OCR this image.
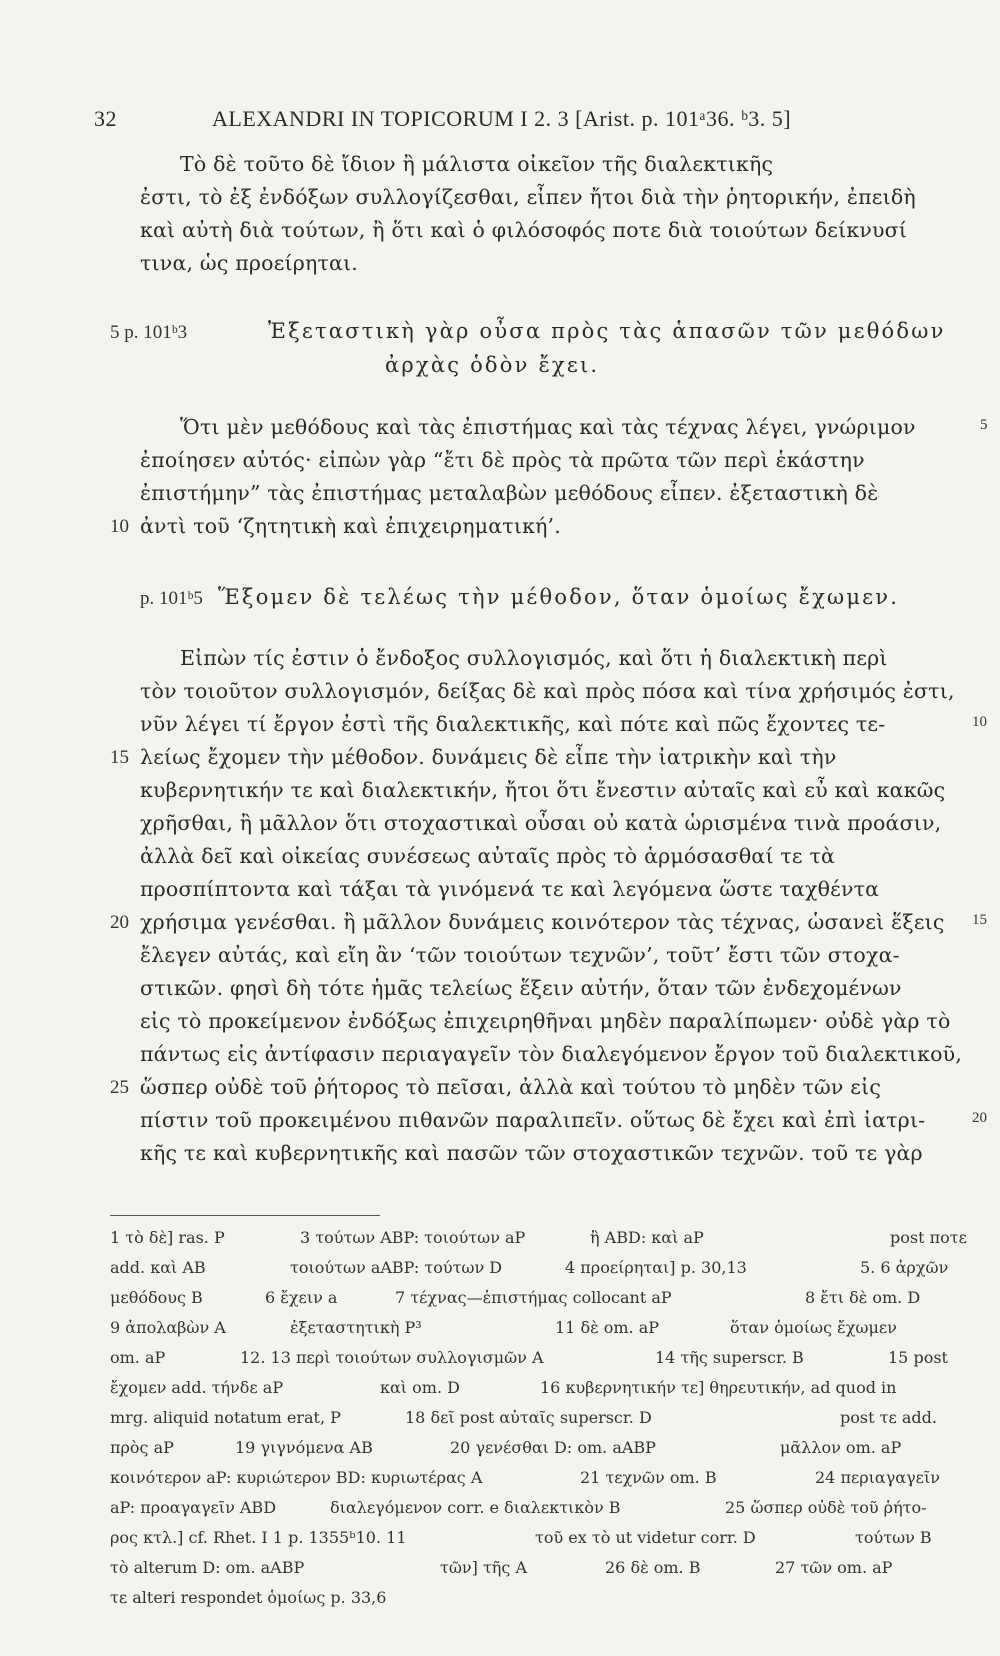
32	ALEXANDRI IN TOPICORUM I 2. 3 [Arist. p. 101ᵃ36. ᵇ3. 5]
Τὸ δὲ τοῦτο δὲ ἴδιον ἢ μάλιστα οἰκεῖον τῆς διαλεκτικῆς
ἐστι, τὸ ἐξ ἐνδόξων συλλογίζεσθαι, εἶπεν ἤτοι διὰ τὴν ῥητορικήν, ἐπειδὴ
καὶ αὐτὴ διὰ τούτων, ἢ ὅτι καὶ ὁ φιλόσοφός ποτε διὰ τοιούτων δείκνυσί
τινα, ὡς προείρηται.
5 p. 101ᵇ3	Ἐξεταστικὴ γὰρ οὖσα πρὸς τὰς ἁπασῶν τῶν μεθόδων
ἀρχὰς ὁδὸν ἔχει.
Ὅτι μὲν μεθόδους καὶ τὰς ἐπιστήμας καὶ τὰς τέχνας λέγει, γνώριμον
ἐποίησεν αὐτός· εἰπὼν γὰρ “ἔτι δὲ πρὸς τὰ πρῶτα τῶν περὶ ἑκάστην
ἐπιστήμην” τὰς ἐπιστήμας μεταλαβὼν μεθόδους εἶπεν. ἐξεταστικὴ δὲ
ἀντὶ τοῦ ‘ζητητικὴ καὶ ἐπιχειρηματική’.
p. 101ᵇ5 Ἕξομεν δὲ τελέως τὴν μέθοδον, ὅταν ὁμοίως ἔχωμεν.
Εἰπὼν τίς ἐστιν ὁ ἔνδοξος συλλογισμός, καὶ ὅτι ἡ διαλεκτικὴ περὶ
τὸν τοιοῦτον συλλογισμόν, δείξας δὲ καὶ πρὸς πόσα καὶ τίνα χρήσιμός ἐστι,
νῦν λέγει τί ἔργον ἐστὶ τῆς διαλεκτικῆς, καὶ πότε καὶ πῶς ἔχοντες τε-
λείως ἔχομεν τὴν μέθοδον. δυνάμεις δὲ εἶπε τὴν ἰατρικὴν καὶ τὴν
κυβερνητικήν τε καὶ διαλεκτικήν, ἤτοι ὅτι ἔνεστιν αὐταῖς καὶ εὖ καὶ κακῶς
χρῆσθαι, ἢ μᾶλλον ὅτι στοχαστικαὶ οὖσαι οὐ κατὰ ὡρισμένα τινὰ προάσιν,
ἀλλὰ δεῖ καὶ οἰκείας συνέσεως αὐταῖς πρὸς τὸ ἁρμόσασθαί τε τὰ
προσπίπτοντα καὶ τάξαι τὰ γινόμενά τε καὶ λεγόμενα ὥστε ταχθέντα
χρήσιμα γενέσθαι. ἢ μᾶλλον δυνάμεις κοινότερον τὰς τέχνας, ὡσανεὶ ἕξεις
ἔλεγεν αὐτάς, καὶ εἴη ἂν ‘τῶν τοιούτων τεχνῶν’, τοῦτ’ ἔστι τῶν στοχα-
στικῶν. φησὶ δὴ τότε ἡμᾶς τελείως ἕξειν αὐτήν, ὅταν τῶν ἐνδεχομένων
εἰς τὸ προκείμενον ἐνδόξως ἐπιχειρηθῆναι μηδὲν παραλίπωμεν· οὐδὲ γὰρ τὸ
πάντως εἰς ἀντίφασιν περιαγαγεῖν τὸν διαλεγόμενον ἔργον τοῦ διαλεκτικοῦ,
ὥσπερ οὐδὲ τοῦ ῥήτορος τὸ πεῖσαι, ἀλλὰ καὶ τούτου τὸ μηδὲν τῶν εἰς
πίστιν τοῦ προκειμένου πιθανῶν παραλιπεῖν. οὕτως δὲ ἔχει καὶ ἐπὶ ἰατρι-
κῆς τε καὶ κυβερνητικῆς καὶ πασῶν τῶν στοχαστικῶν τεχνῶν. τοῦ τε γὰρ
10
15
20
25
5
10
15
20
1 τὸ δὲ] ras. P	3 τούτων ABP: τοιούτων aP	ἢ ABD: καὶ aP	post ποτε
add. καὶ AB	τοιούτων aABP: τούτων D	4 προείρηται] p. 30,13	5. 6 ἀρχῶν
μεθόδους B	6 ἔχειν a	7 τέχνας—ἐπιστήμας collocant aP	8 ἔτι δὲ om. D
9 ἀπολαβὼν A	ἐξεταστητικὴ P³	11 δὲ om. aP	ὅταν ὁμοίως ἔχωμεν
om. aP	12. 13 περὶ τοιούτων συλλογισμῶν A	14 τῆς superscr. B	15 post
ἔχομεν add. τήνδε aP	καὶ om. D	16 κυβερνητικήν τε] θηρευτικήν, ad quod in
mrg. aliquid notatum erat, P	18 δεῖ post αὐταῖς superscr. D	post τε add.
πρὸς aP	19 γιγνόμενα AB	20 γενέσθαι D: om. aABP	μᾶλλον om. aP
κοινότερον aP: κυριώτερον BD: κυριωτέρας A	21 τεχνῶν om. B	24 περιαγαγεῖν
aP: προαγαγεῖν ABD	διαλεγόμενον corr. e διαλεκτικὸν B	25 ὥσπερ οὐδὲ τοῦ ῥήτο-
ρος κτλ.] cf. Rhet. I 1 p. 1355ᵇ10. 11	τοῦ ex τὸ ut videtur corr. D	τούτων B
τὸ alterum D: om. aABP	τῶν] τῆς A	26 δὲ om. B	27 τῶν om. aP
τε alteri respondet ὁμοίως p. 33,6
